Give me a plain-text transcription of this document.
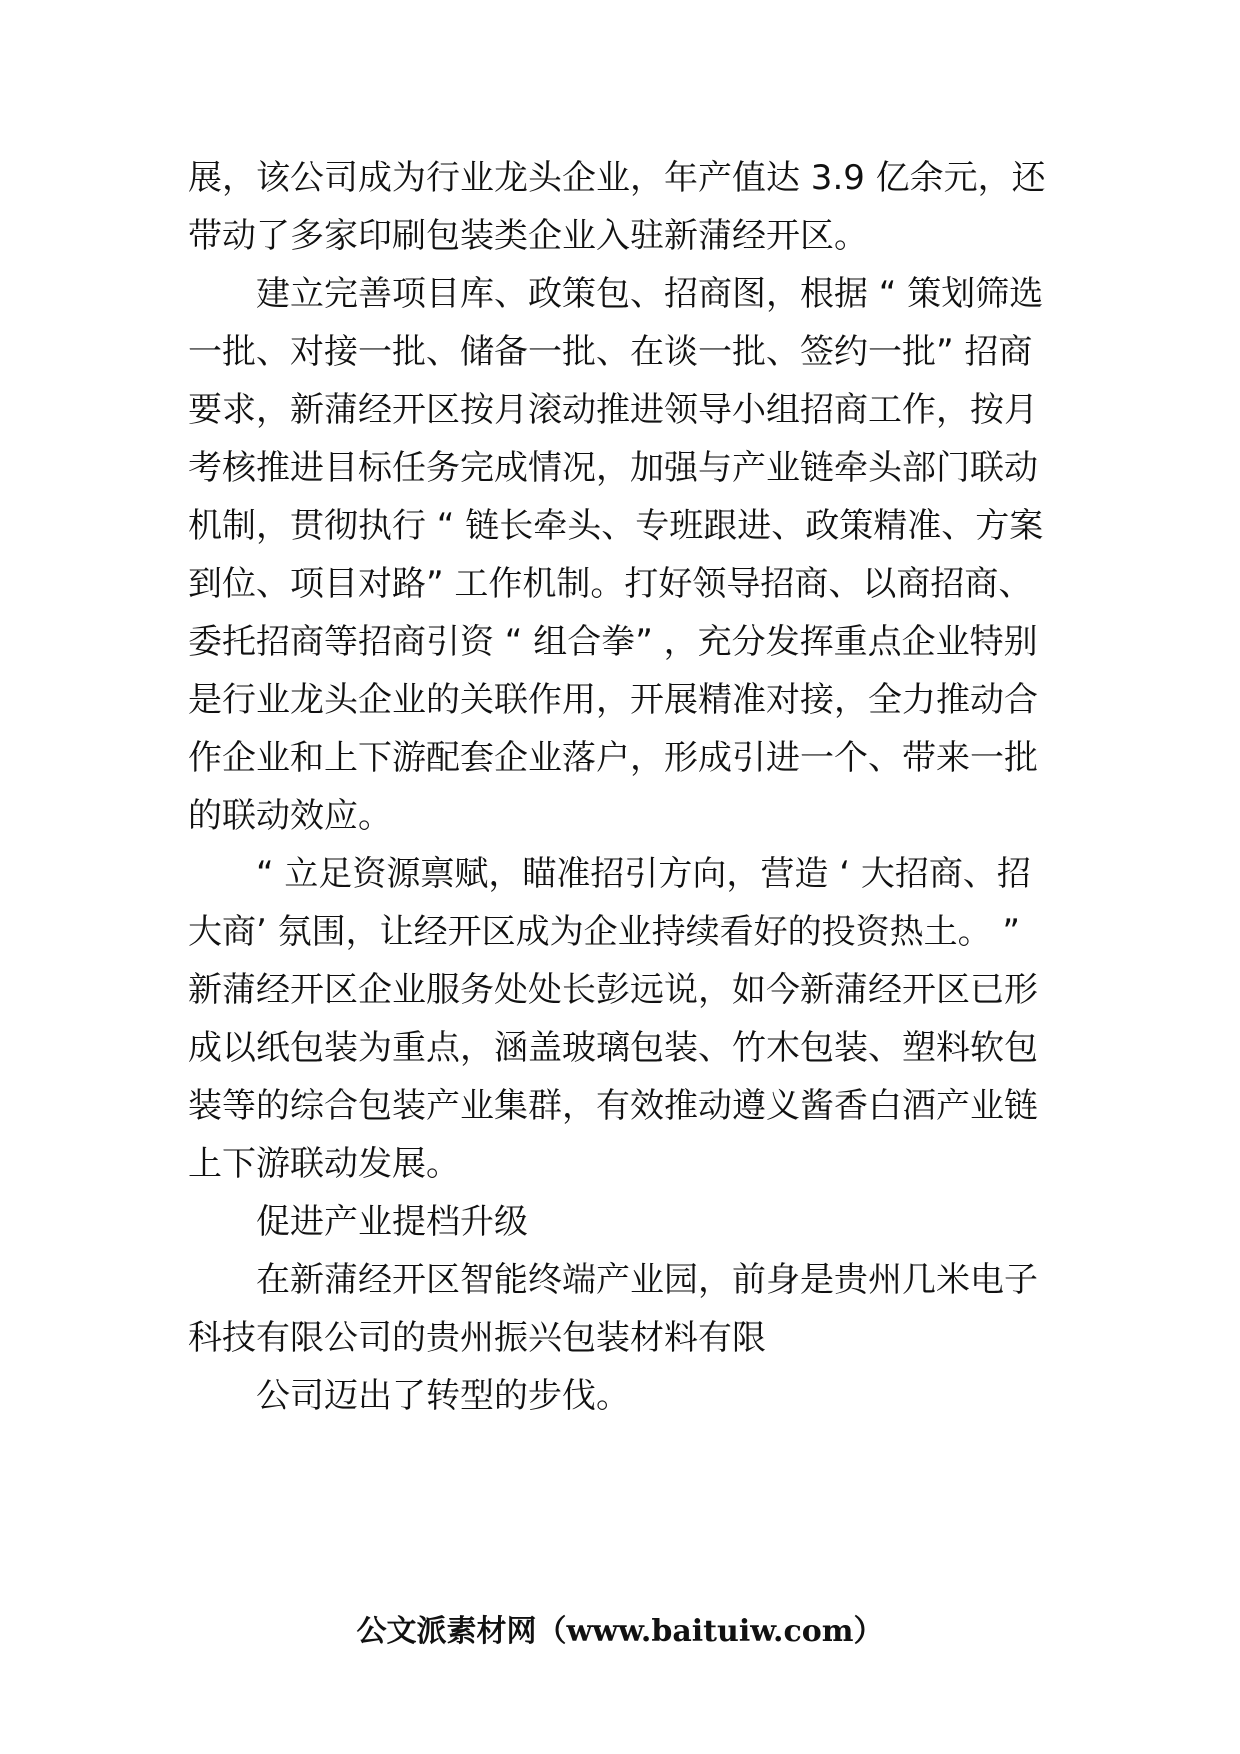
展，该公司成为行业龙头企业，年产值达 3.9 亿余元，还
带动了多家印刷包装类企业入驻新蒲经开区。
建立完善项目库、政策包、招商图，根据 “ 策划筛选
一批、对接一批、储备一批、在谈一批、签约一批” 招商
要求，新蒲经开区按月滚动推进领导小组招商工作，按月
考核推进目标任务完成情况，加强与产业链牵头部门联动
机制，贯彻执行 “ 链长牵头、专班跟进、政策精准、方案
到位、项目对路” 工作机制。打好领导招商、以商招商、
委托招商等招商引资 “ 组合拳” ，充分发挥重点企业特别
是行业龙头企业的关联作用，开展精准对接，全力推动合
作企业和上下游配套企业落户，形成引进一个、带来一批
的联动效应。
“ 立足资源禀赋，瞄准招引方向，营造 ‘ 大招商、招
大商’ 氛围，让经开区成为企业持续看好的投资热土。 ”
新蒲经开区企业服务处处长彭远说，如今新蒲经开区已形
成以纸包装为重点，涵盖玻璃包装、竹木包装、塑料软包
装等的综合包装产业集群，有效推动遵义酱香白酒产业链
上下游联动发展。
促进产业提档升级
在新蒲经开区智能终端产业园，前身是贵州几米电子
科技有限公司的贵州振兴包装材料有限
公司迈出了转型的步伐。
公文派素材网（www.baituiw.com）
